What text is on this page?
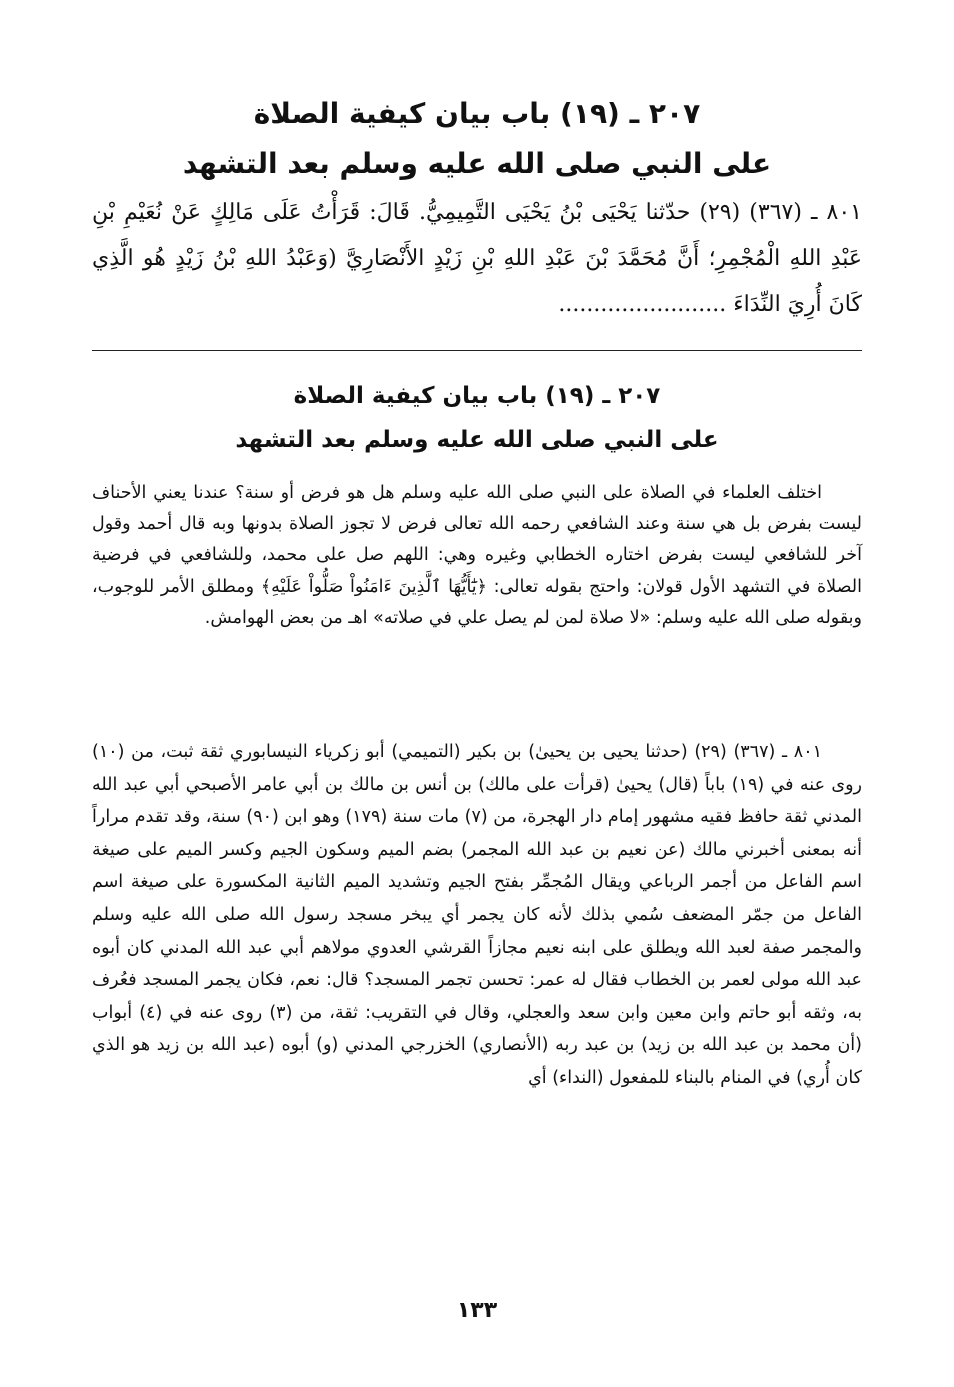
٢٠٧ ـ (١٩) باب بيان كيفية الصلاة
على النبي صلى الله عليه وسلم بعد التشهد
٨٠١ ـ (٣٦٧) (٢٩) حدّثنا يَحْيَى بْنُ يَحْيَى التَّمِيمِيُّ. قَالَ: قَرَأْتُ عَلَى مَالِكٍ عَنْ نُعَيْمِ بْنِ عَبْدِ اللهِ الْمُجْمِرِ؛ أَنَّ مُحَمَّدَ بْنَ عَبْدِ اللهِ بْنِ زَيْدٍ الأَنْصَارِيَّ (وَعَبْدُ اللهِ بْنُ زَيْدٍ هُو الَّذِي كَانَ أُرِيَ النِّدَاءَ ........................
٢٠٧ ـ (١٩) باب بيان كيفية الصلاة
على النبي صلى الله عليه وسلم بعد التشهد
اختلف العلماء في الصلاة على النبي صلى الله عليه وسلم هل هو فرض أو سنة؟ عندنا يعني الأحناف ليست بفرض بل هي سنة وعند الشافعي رحمه الله تعالى فرض لا تجوز الصلاة بدونها وبه قال أحمد وقول آخر للشافعي ليست بفرض اختاره الخطابي وغيره وهي: اللهم صل على محمد، وللشافعي في فرضية الصلاة في التشهد الأول قولان: واحتج بقوله تعالى: ﴿يَٰٓأَيُّهَا ٱلَّذِينَ ءَامَنُواْ صَلُّواْ عَلَيْهِ﴾ ومطلق الأمر للوجوب، وبقوله صلى الله عليه وسلم: «لا صلاة لمن لم يصل علي في صلاته» اهـ من بعض الهوامش.
٨٠١ ـ (٣٦٧) (٢٩) (حدثنا يحيى بن يحيىٰ) بن بكير (التميمي) أبو زكرياء النيسابوري ثقة ثبت، من (١٠) روى عنه في (١٩) باباً (قال) يحيىٰ (قرأت على مالك) بن أنس بن مالك بن أبي عامر الأصبحي أبي عبد الله المدني ثقة حافظ فقيه مشهور إمام دار الهجرة، من (٧) مات سنة (١٧٩) وهو ابن (٩٠) سنة، وقد تقدم مراراً أنه بمعنى أخبرني مالك (عن نعيم بن عبد الله المجمر) بضم الميم وسكون الجيم وكسر الميم على صيغة اسم الفاعل من أجمر الرباعي ويقال المُجمِّر بفتح الجيم وتشديد الميم الثانية المكسورة على صيغة اسم الفاعل من جمّر المضعف سُمي بذلك لأنه كان يجمر أي يبخر مسجد رسول الله صلى الله عليه وسلم والمجمر صفة لعبد الله ويطلق على ابنه نعيم مجازاً القرشي العدوي مولاهم أبي عبد الله المدني كان أبوه عبد الله مولى لعمر بن الخطاب فقال له عمر: تحسن تجمر المسجد؟ قال: نعم، فكان يجمر المسجد فعُرف به، وثقه أبو حاتم وابن معين وابن سعد والعجلي، وقال في التقريب: ثقة، من (٣) روى عنه في (٤) أبواب (أن محمد بن عبد الله بن زيد) بن عبد ربه (الأنصاري) الخزرجي المدني (و) أبوه (عبد الله بن زيد هو الذي كان أُري) في المنام بالبناء للمفعول (النداء) أي
١٣٣
